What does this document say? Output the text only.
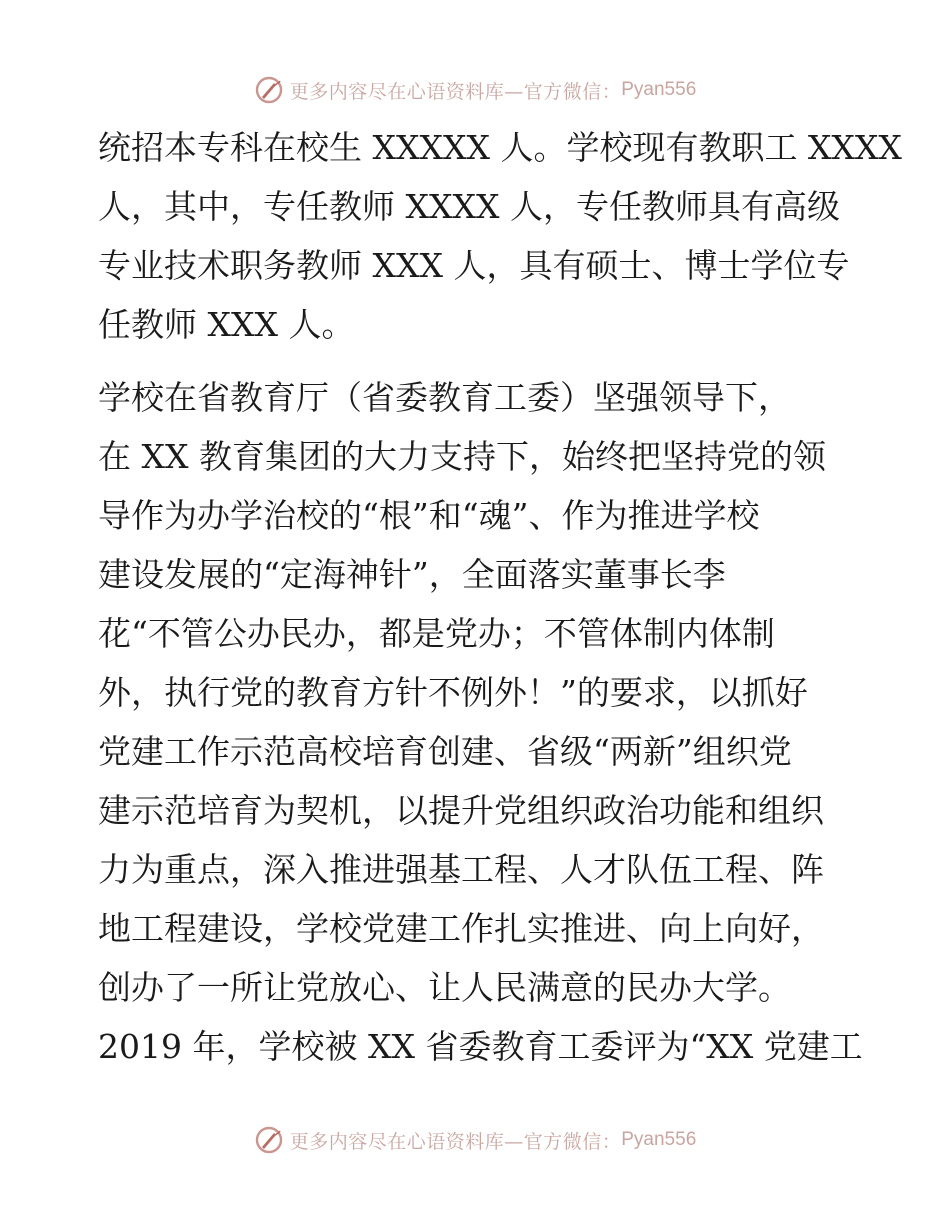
更多内容尽在心语资料库—官方微信： Pyan556
统招本专科在校生 XXXXX 人。学校现有教职工 XXXX
人，其中，专任教师 XXXX 人，专任教师具有高级
专业技术职务教师 XXX 人，具有硕士、博士学位专
任教师 XXX 人。
学校在省教育厅（省委教育工委）坚强领导下，
在 XX 教育集团的大力支持下，始终把坚持党的领
导作为办学治校的“根”和“魂”、作为推进学校
建设发展的“定海神针”，全面落实董事长李
花“不管公办民办，都是党办；不管体制内体制
外，执行党的教育方针不例外！”的要求，以抓好
党建工作示范高校培育创建、省级“两新”组织党
建示范培育为契机，以提升党组织政治功能和组织
力为重点，深入推进强基工程、人才队伍工程、阵
地工程建设，学校党建工作扎实推进、向上向好，
创办了一所让党放心、让人民满意的民办大学。
2019 年，学校被 XX 省委教育工委评为“XX 党建工
更多内容尽在心语资料库—官方微信： Pyan556
